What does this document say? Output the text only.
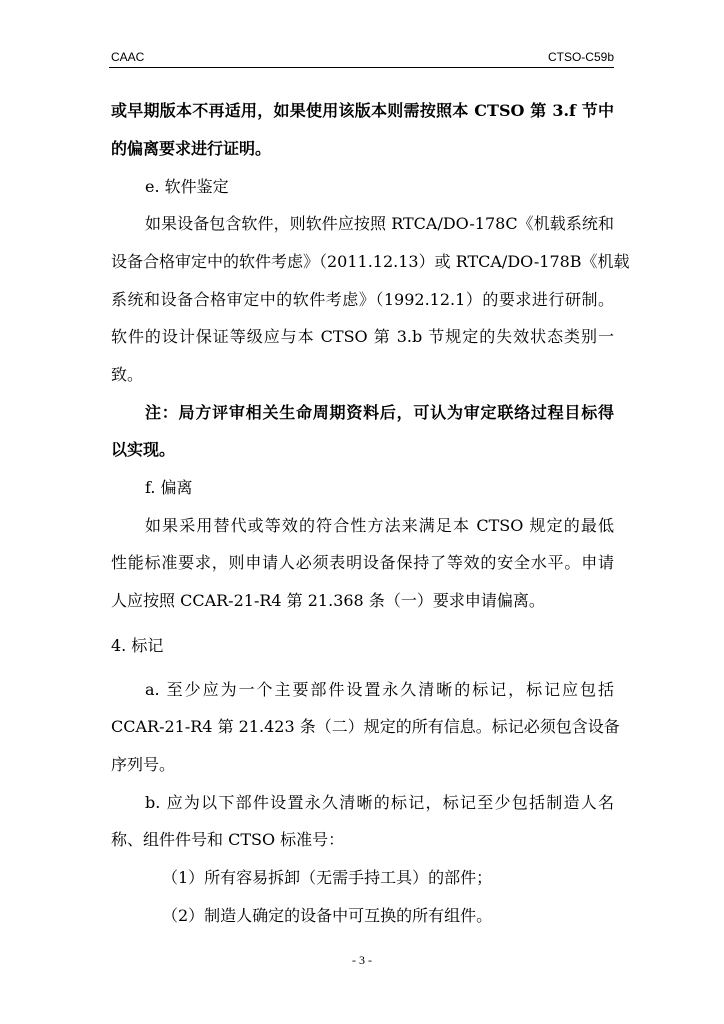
CAAC	CTSO-C59b
或早期版本不再适用，如果使用该版本则需按照本 CTSO 第 3.f 节中
的偏离要求进行证明。
e. 软件鉴定
如果设备包含软件，则软件应按照 RTCA/DO-178C《机载系统和
设备合格审定中的软件考虑》（2011.12.13）或 RTCA/DO-178B《机载
系统和设备合格审定中的软件考虑》（1992.12.1）的要求进行研制。
软件的设计保证等级应与本 CTSO 第 3.b 节规定的失效状态类别一
致。
注：局方评审相关生命周期资料后，可认为审定联络过程目标得
以实现。
f. 偏离
如果采用替代或等效的符合性方法来满足本 CTSO 规定的最低
性能标准要求，则申请人必须表明设备保持了等效的安全水平。申请
人应按照 CCAR-21-R4 第 21.368 条（一）要求申请偏离。
4. 标记
a. 至少应为一个主要部件设置永久清晰的标记，标记应包括
CCAR-21-R4 第 21.423 条（二）规定的所有信息。标记必须包含设备
序列号。
b. 应为以下部件设置永久清晰的标记，标记至少包括制造人名
称、组件件号和 CTSO 标准号：
（1）所有容易拆卸（无需手持工具）的部件；
（2）制造人确定的设备中可互换的所有组件。
- 3 -
